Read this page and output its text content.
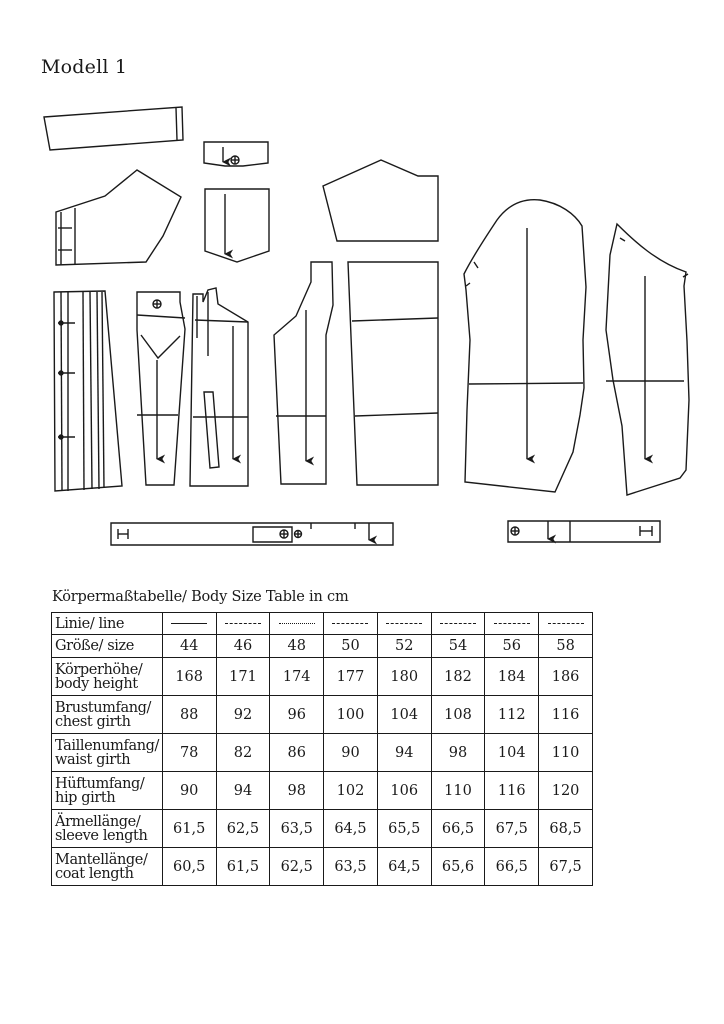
Modell 1
Körpermaßtabelle/ Body Size Table in cm
Linie/ line	

Größe/ size	44	46	48	50	52	54	56	58

Körperhöhe/
body height	168	171	174	177	180	182	184	186

Brustumfang/
chest girth	88	92	96	100	104	108	112	116

Taillenumfang/
waist girth	78	82	86	90	94	98	104	110

Hüftumfang/
hip girth	90	94	98	102	106	110	116	120

Ärmellänge/
sleeve length	61,5	62,5	63,5	64,5	65,5	66,5	67,5	68,5

Mantellänge/
coat length	60,5	61,5	62,5	63,5	64,5	65,6	66,5	67,5
